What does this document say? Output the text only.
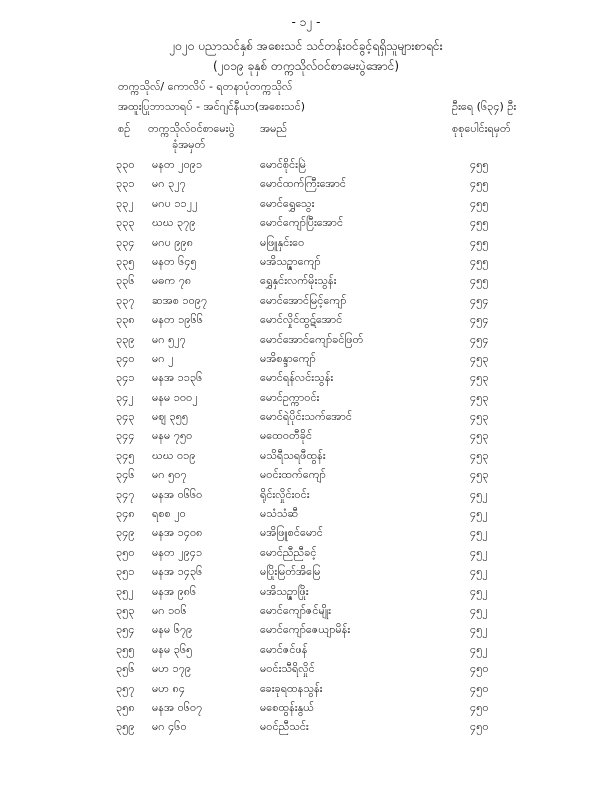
- ၁၂ -
၂၀၂၀ ပညာသင်နှစ် အစေးသင် သင်တန်းဝင်ခွင့်ရရှိသူများစာရင်း
(၂၀၁၉ ခုနှစ် တက္ကသိုလ်ဝင်စာမေးပွဲအောင်)
တက္ကသိုလ်/ ကောလိပ် - ရတနာပုံတက္ကသိုလ်
အထူးပြုဘာသာရပ် - အင်ဂျင်နီယာ(အစေးသင်)	ဦးရေ (၆၃၄) ဦး
စဉ် တက္ကသိုလ်ဝင်စာမေးပွဲ
ခုံအမှတ်
အမည်	စုစုပေါင်းရမှတ်
၃၃၀ မနတ ၂၀၉၁	မောင်စိုင်းမြဲ	၄၅၅
၃၃၁ မဂ ၃၂၇	မောင်ထက်ကြီးအောင်	၄၅၅
၃၃၂ မဂပ ၁၁၂၂	မောင်ရွှေသွေး	၄၅၅
၃၃၃ ဃဃ ၃၇၉	မောင်ကျော်ပြီးအောင်	၄၅၅
၃၃၄ မဂပ ၉၉၈	မဖြူနှင်းဝေ	၄၅၅
၃၃၅ မနတ ၆၄၅	မအိသဉ္ဇာကျော်	၄၅၅
၃၃၆ မဓက ၇၈	ရွှေနှင်းလက်မိုးသွန်း	၄၅၅
၃၃၇ ဆအစ ၁၀၉၇	မောင်အောင်မြင့်ကျော်	၄၅၄
၃၃၈ မနတ ၁၉၆၆	မောင်လှိုင်ထွဋ်အောင်	၄၅၄
၃၃၉ မဂ ၅၂၇	မောင်အောင်ကျော်ခင်ဖြတ်	၄၅၄
၃၄၀ မဂ ၂	မအိစန္ဒာကျော်	၄၅၃
၃၄၁ မနအ ၁၁၃၆	မောင်ရန်လင်းသွန်း	၄၅၃
၃၄၂ မနမ ၁၀၀၂	မောင်ဥက္ကာဝင်း	၄၅၃
၃၄၃ မဈ ၃၅၅	မောင်ရဲပိုင်းသက်အောင်	၄၅၃
၃၄၄ မနမ ၇၅၀	မထေဝတီခိုင်	၄၅၃
၃၄၅ ဃဃ ၀၁၉	မသိရီသရဖီထွန်း	၄၅၃
၃၄၆ မဂ ၅၀၇	မဝင်းထက်ကျော်	၄၅၃
၃၄၇ မနအ ၀၆၆၀	ရိုင်းလှိုင်းဝင်း	၄၅၂
၃၄၈ ရစစ ၂၀	မသံသံဆီ	၄၅၂
၃၄၉ မနအ ၁၄၀၈	မအိဖြူစင်မောင်	၄၅၂
၃၅၀ မနတ ၂၉၄၁	မောင်ညီညီခင့်	၄၅၂
၃၅၁ မနအ ၁၄၃၆	မပြိုးမြတ်အိမြေ	၄၅၂
၃၅၂ မနအ ၉၈၆	မအိသဉ္ဇာဖြိုး	၄၅၂
၃၅၃ မဂ ၁၀၆	မောင်ကျော်ဇင်မျိုး	၄၅၂
၃၅၄ မနမ ၆၇၉	မောင်ကျော်ဇေယျာမိန်း	၄၅၂
၃၅၅ မနမ ၃၆၅	မောင်ဇင်ဖန်	၄၅၂
၃၅၆ မဟ ၁၇၉	မဝင်းသီရိလှိုင်	၄၅၀
၃၅၇ မဟ ၈၄	ခေးခုရထနသွန်း	၄၅၀
၃၅၈ မနအ ၀၆၀၇	မစေထွန်းနွယ်	၄၅၀
၃၅၉ မဂ ၄၆၀	မဝင်ညီသင်း	၄၅၀
